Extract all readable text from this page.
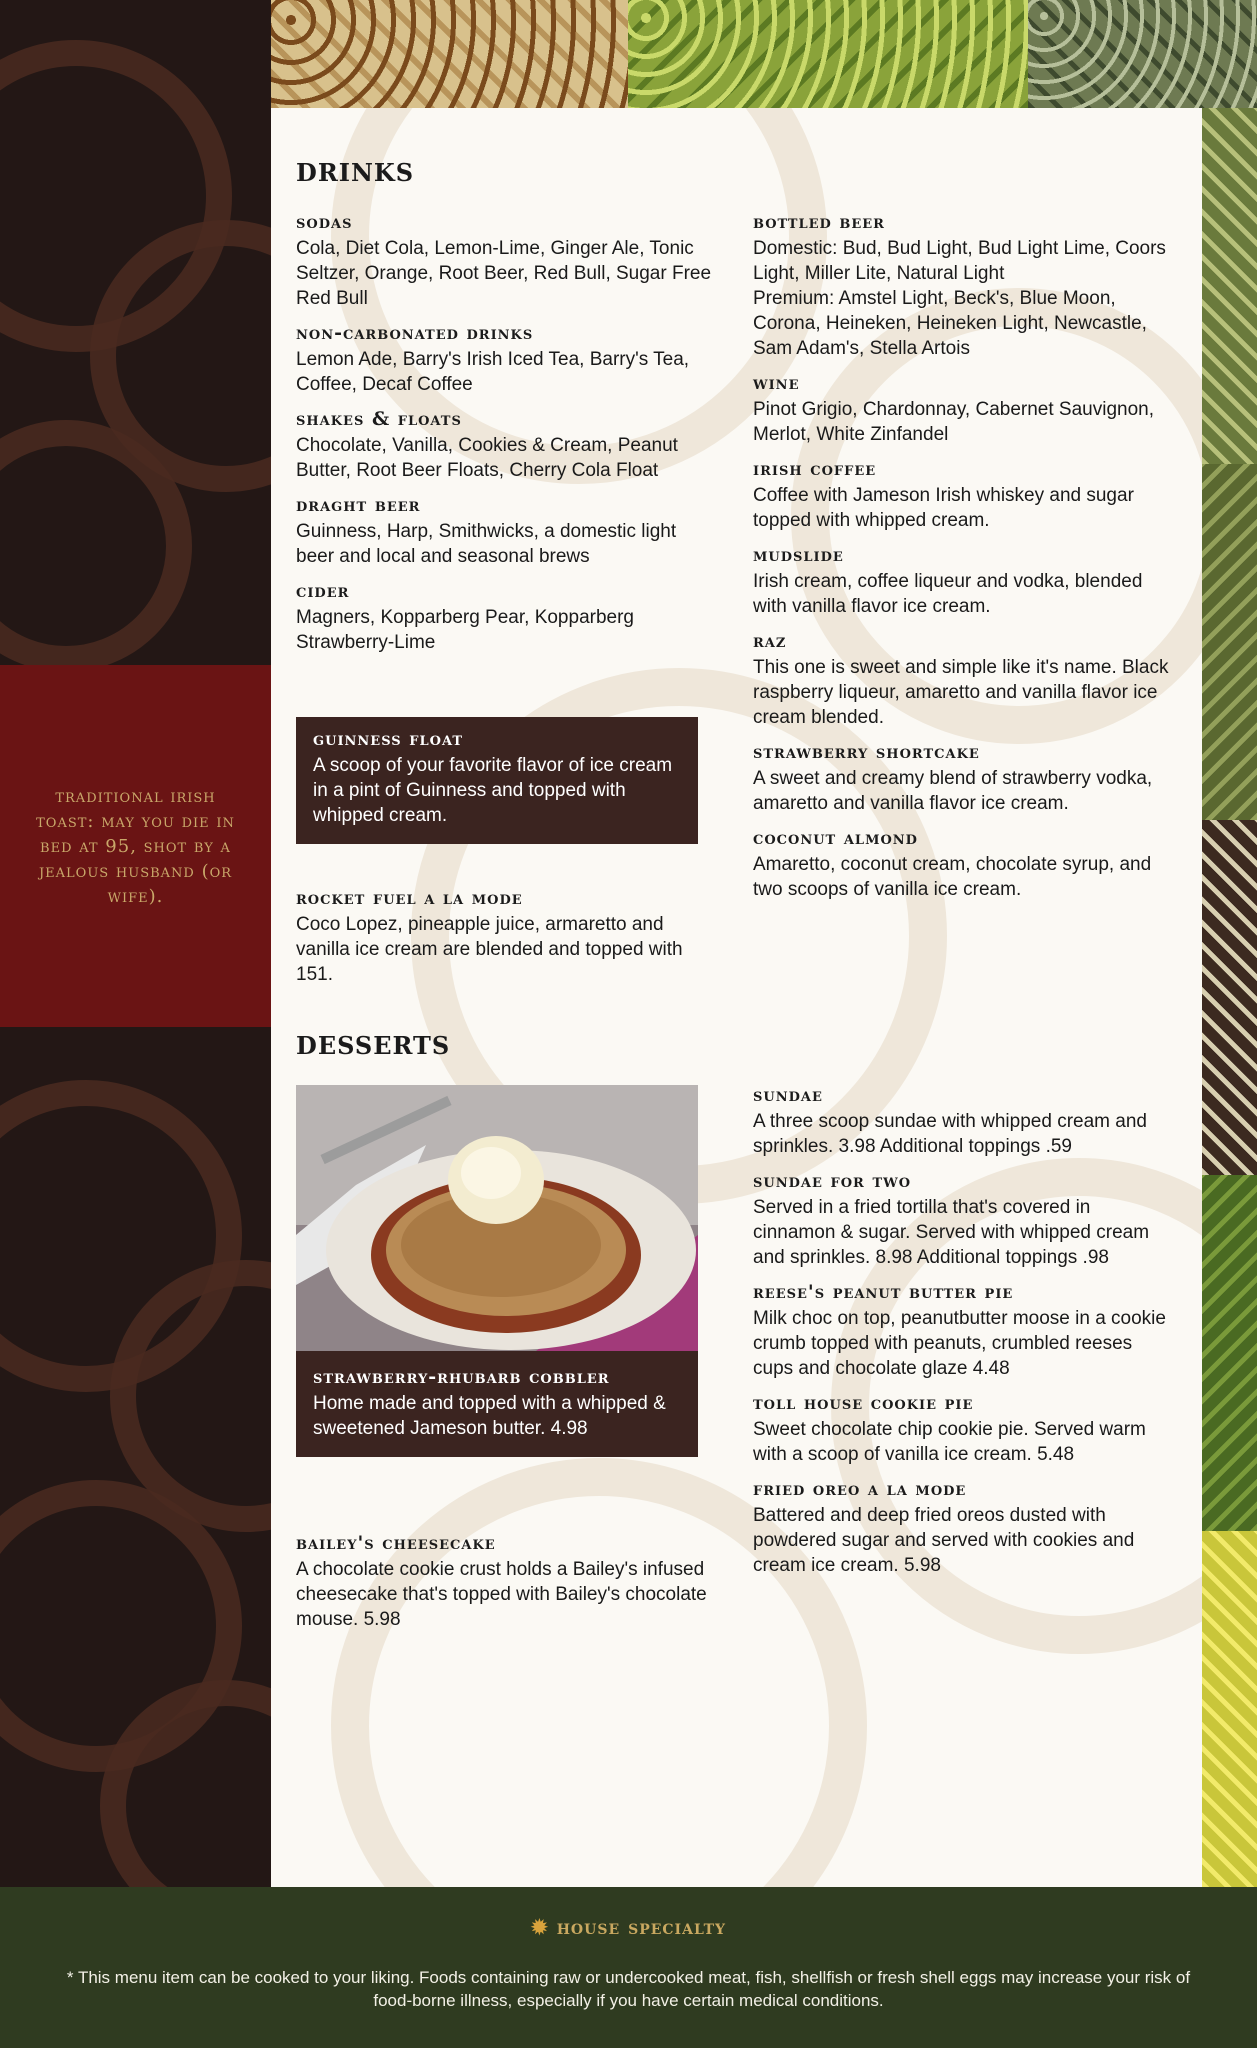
traditional irish toast: may you die in bed at 95, shot by a jealous husband (or wife).

drinks

sodas

Cola, Diet Cola, Lemon-Lime, Ginger Ale, Tonic Seltzer, Orange, Root Beer, Red Bull, Sugar Free Red Bull

non-carbonated drinks

Lemon Ade, Barry's Irish Iced Tea, Barry's Tea, Coffee, Decaf Coffee

shakes & floats

Chocolate, Vanilla, Cookies & Cream, Peanut Butter, Root Beer Floats, Cherry Cola Float

draght beer

Guinness, Harp, Smithwicks, a domestic light beer and local and seasonal brews

cider

Magners, Kopparberg Pear, Kopparberg Strawberry-Lime

guinness float

A scoop of your favorite flavor of ice cream in a pint of Guinness and topped with whipped cream.

rocket fuel a la mode

Coco Lopez, pineapple juice, armaretto and vanilla ice cream are blended and topped with 151.

bottled beer

Domestic: Bud, Bud Light, Bud Light Lime, Coors Light, Miller Lite, Natural Light

Premium: Amstel Light, Beck's, Blue Moon, Corona, Heineken, Heineken Light, Newcastle, Sam Adam's, Stella Artois

wine

Pinot Grigio, Chardonnay, Cabernet Sauvignon, Merlot, White Zinfandel

irish coffee

Coffee with Jameson Irish whiskey and sugar topped with whipped cream.

mudslide

Irish cream, coffee liqueur and vodka, blended with vanilla flavor ice cream.

raz

This one is sweet and simple like it's name. Black raspberry liqueur, amaretto and vanilla flavor ice cream blended.

strawberry shortcake

A sweet and creamy blend of strawberry vodka, amaretto and vanilla flavor ice cream.

coconut almond

Amaretto, coconut cream, chocolate syrup, and two scoops of vanilla ice cream.

desserts

strawberry-rhubarb cobbler

Home made and topped with a whipped & sweetened Jameson butter. 4.98

bailey's cheesecake

A chocolate cookie crust holds a Bailey's infused cheesecake that's topped with Bailey's chocolate mouse. 5.98

sundae

A three scoop sundae with whipped cream and sprinkles. 3.98 Additional toppings .59

sundae for two

Served in a fried tortilla that's covered in cinnamon & sugar. Served with whipped cream and sprinkles. 8.98 Additional toppings .98

reese's peanut butter pie

Milk choc on top, peanutbutter moose in a cookie crumb topped with peanuts, crumbled reeses cups and chocolate glaze 4.48

toll house cookie pie

Sweet chocolate chip cookie pie. Served warm with a scoop of vanilla ice cream. 5.48

fried oreo a la mode

Battered and deep fried oreos dusted with powdered sugar and served with cookies and cream ice cream. 5.98

✹ house specialty

* This menu item can be cooked to your liking. Foods containing raw or undercooked meat, fish, shellfish or fresh shell eggs may increase your risk of food-borne illness, especially if you have certain medical conditions.
